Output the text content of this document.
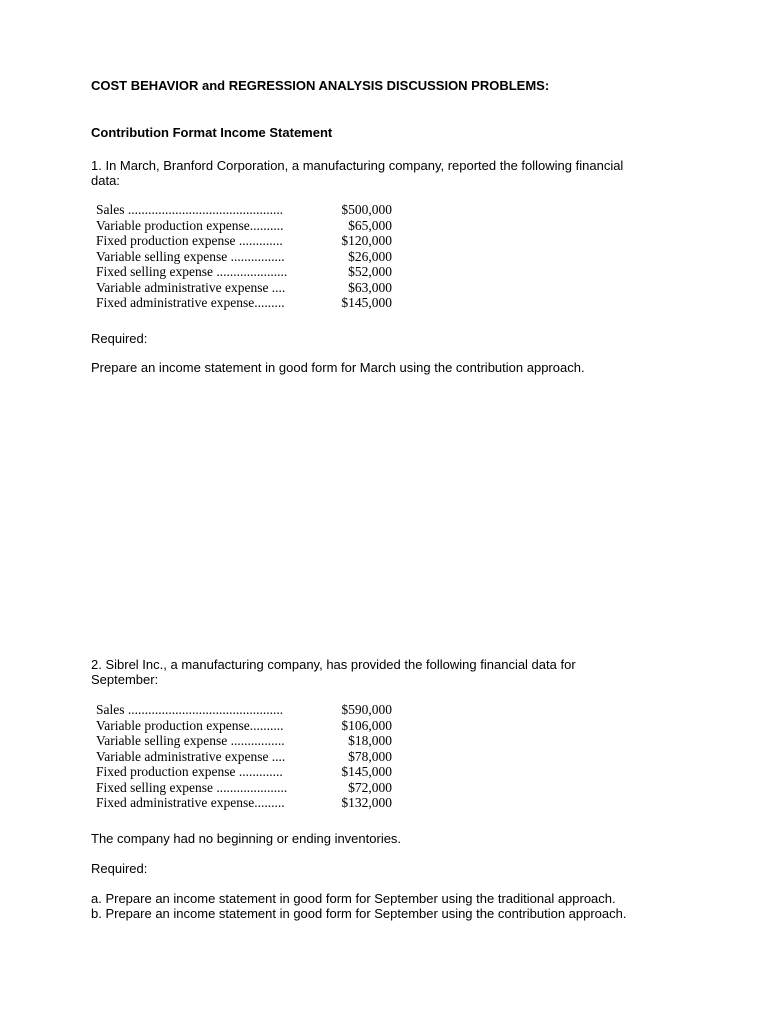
COST BEHAVIOR and REGRESSION ANALYSIS DISCUSSION PROBLEMS:
Contribution Format Income Statement
1. In March, Branford Corporation, a manufacturing company, reported the following financial
data:
Sales ..............................................	$500,000
Variable production expense..........	$65,000
Fixed production expense .............	$120,000
Variable selling expense ................	$26,000
Fixed selling expense .....................	$52,000
Variable administrative expense ....	$63,000
Fixed administrative expense.........	$145,000
Required:
Prepare an income statement in good form for March using the contribution approach.
2. Sibrel Inc., a manufacturing company, has provided the following financial data for
September:
Sales ..............................................	$590,000
Variable production expense..........	$106,000
Variable selling expense ................	$18,000
Variable administrative expense ....	$78,000
Fixed production expense .............	$145,000
Fixed selling expense .....................	$72,000
Fixed administrative expense.........	$132,000
The company had no beginning or ending inventories.
Required:
a. Prepare an income statement in good form for September using the traditional approach.
b. Prepare an income statement in good form for September using the contribution approach.
